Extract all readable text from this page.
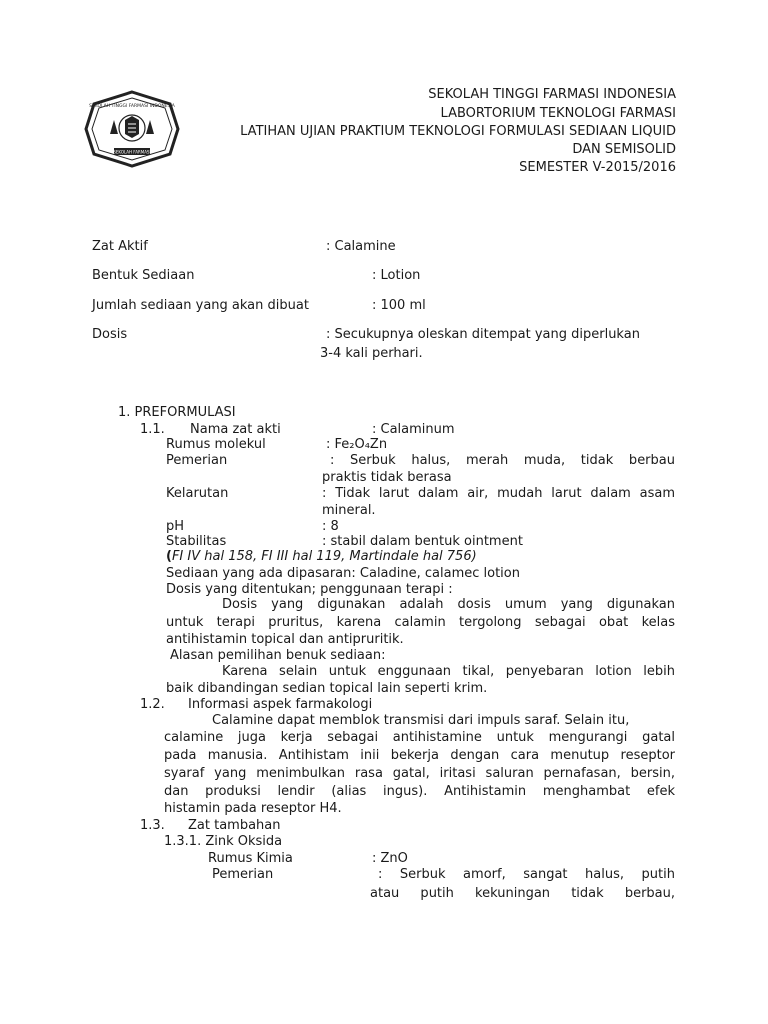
SEKOLAH TINGGI FARMASI INDONESIA
SEKOLAH FARMASI
SEKOLAH TINGGI FARMASI INDONESIA
LABORTORIUM TEKNOLOGI FARMASI
LATIHAN UJIAN PRAKTIUM TEKNOLOGI FORMULASI SEDIAAN LIQUID
DAN SEMISOLID
SEMESTER V-2015/2016
Zat Aktif	: Calamine
Bentuk Sediaan	: Lotion
Jumlah sediaan yang akan dibuat	: 100 ml
Dosis	: Secukupnya oleskan ditempat yang diperlukan
3-4 kali perhari.
1. PREFORMULASI
1.1. Nama zat akti	: Calaminum
Rumus molekul	: Fe₂O₄Zn
Pemerian	: Serbuk halus, merah muda, tidak berbau
praktis tidak berasa
Kelarutan	: Tidak larut dalam air, mudah larut dalam asam
mineral.
pH	: 8
Stabilitas	: stabil dalam bentuk ointment
(FI IV hal 158, FI III hal 119, Martindale hal 756)
Sediaan yang ada dipasaran: Caladine, calamec lotion
Dosis yang ditentukan; penggunaan terapi :
Dosis yang digunakan adalah dosis umum yang digunakan
untuk terapi pruritus, karena calamin tergolong sebagai obat kelas
antihistamin topical dan antipruritik.
Alasan pemilihan benuk sediaan:
Karena selain untuk enggunaan tikal, penyebaran lotion lebih
baik dibandingan sedian topical lain seperti krim.
1.2. Informasi aspek farmakologi
Calamine dapat memblok transmisi dari impuls saraf. Selain itu,
calamine juga kerja sebagai antihistamine untuk mengurangi gatal
pada manusia. Antihistam inii bekerja dengan cara menutup reseptor
syaraf yang menimbulkan rasa gatal, iritasi saluran pernafasan, bersin,
dan produksi lendir (alias ingus). Antihistamin menghambat efek
histamin pada reseptor H4.
1.3. Zat tambahan
1.3.1. Zink Oksida
Rumus Kimia	: ZnO
Pemerian	: Serbuk amorf, sangat halus, putih
atau putih kekuningan tidak berbau,
